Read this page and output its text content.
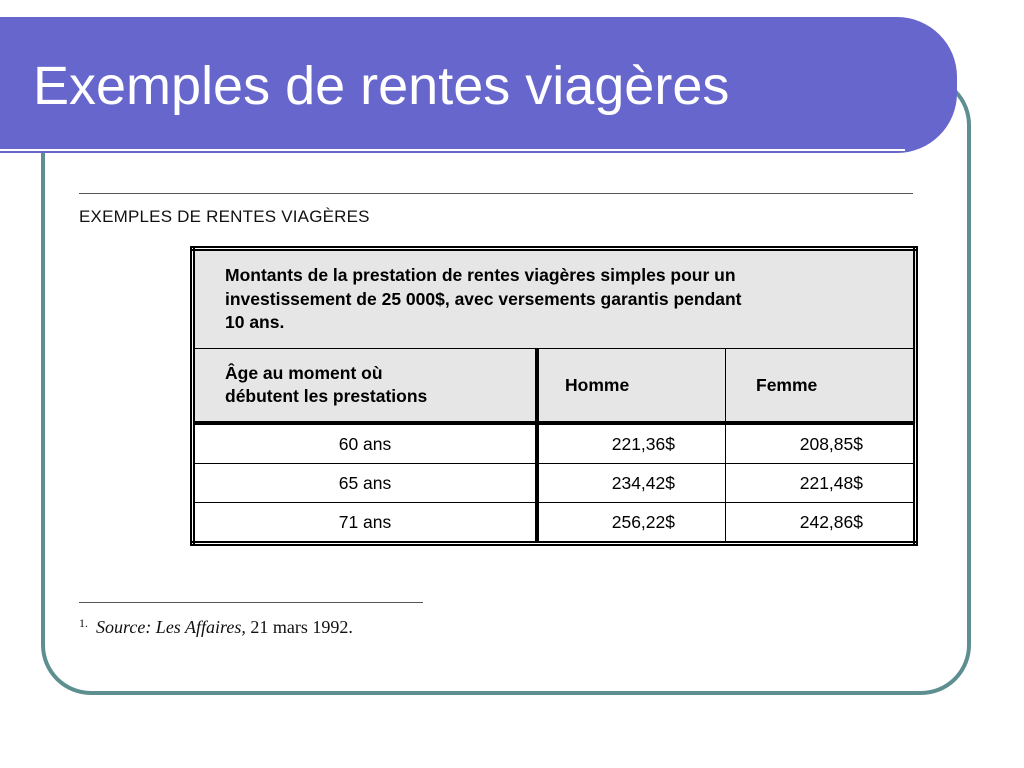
Exemples de rentes viagères
EXEMPLES DE RENTES VIAGÈRES
Montants de la prestation de rentes viagères simples pour un
investissement de 25 000$, avec versements garantis pendant
10 ans.		
Âge au moment où
débutent les prestations	Homme	Femme
60 ans	221,36$	208,85$
65 ans	234,42$	221,48$
71 ans	256,22$	242,86$
$^{1.}$ Source: Les Affaires, 21 mars 1992.
